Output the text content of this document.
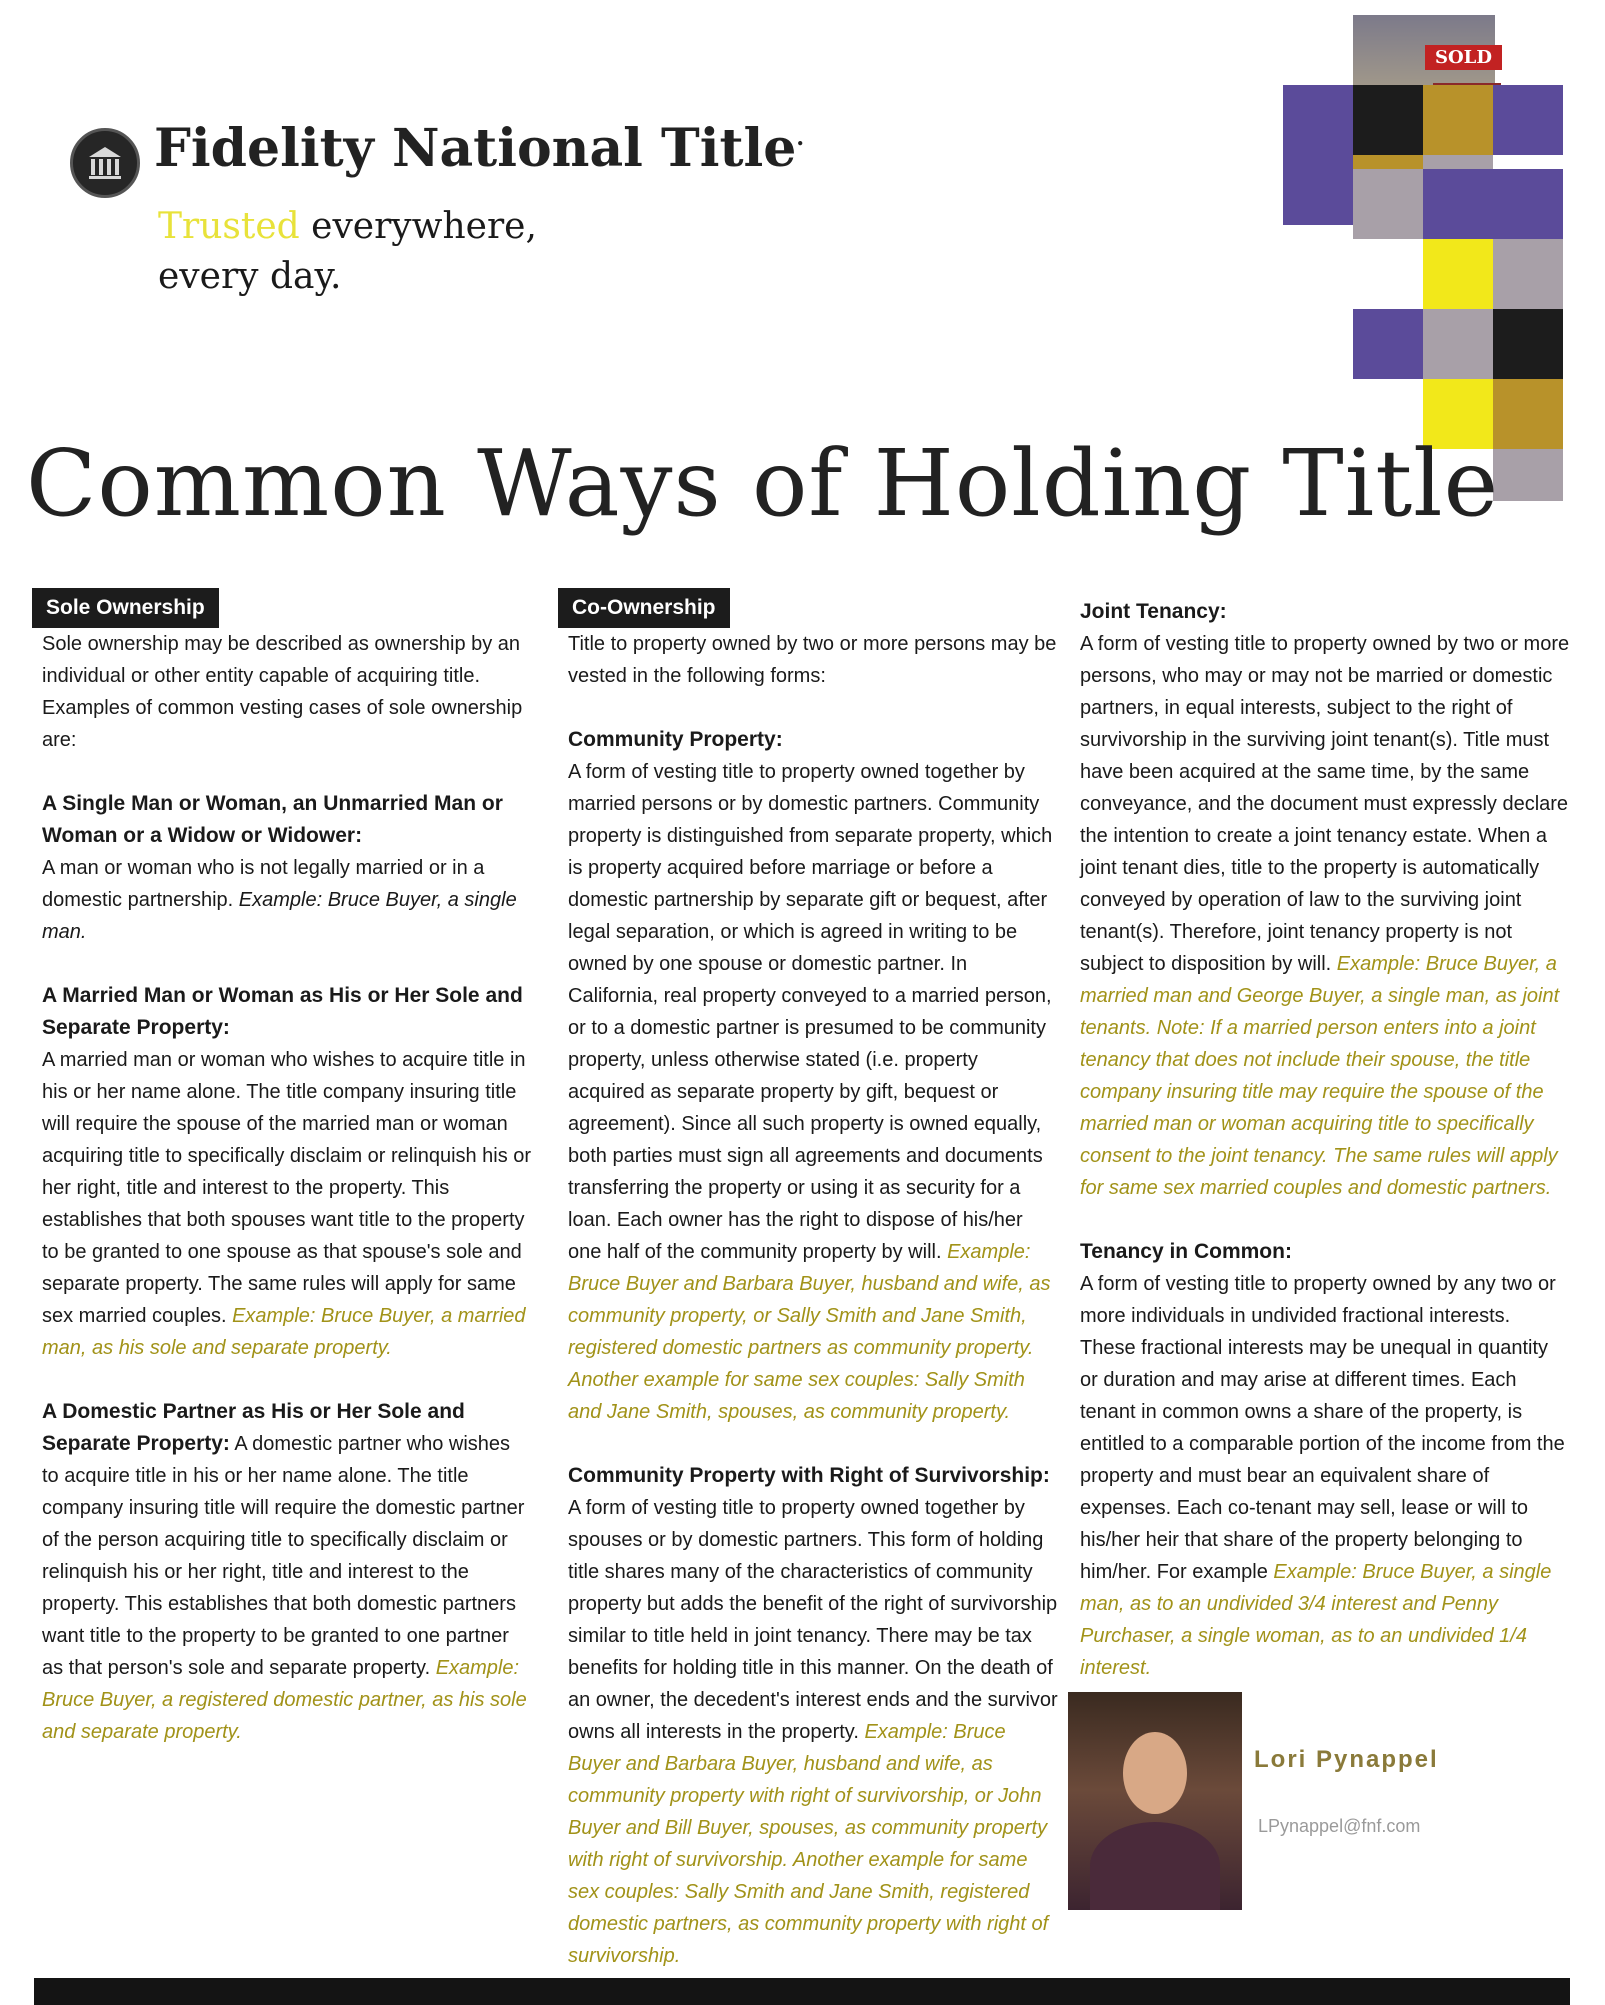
Fidelity National Title•
Trusted everywhere,
every day.
SOLD
Common Ways of Holding Title
Sole Ownership

Sole ownership may be described as ownership by an individual or other entity capable of acquiring title. Examples of common vesting cases of sole ownership are:

A Single Man or Woman, an Unmarried Man or Woman or a Widow or Widower:

A man or woman who is not legally married or in a domestic partnership. Example: Bruce Buyer, a single man.

A Married Man or Woman as His or Her Sole and Separate Property:

A married man or woman who wishes to acquire title in his or her name alone. The title company insuring title will require the spouse of the married man or woman acquiring title to specifically disclaim or relinquish his or her right, title and interest to the property. This establishes that both spouses want title to the property to be granted to one spouse as that spouse's sole and separate property. The same rules will apply for same sex married couples. Example: Bruce Buyer, a married man, as his sole and separate property.

A Domestic Partner as His or Her Sole and Separate Property: A domestic partner who wishes to acquire title in his or her name alone. The title company insuring title will require the domestic partner of the person acquiring title to specifically disclaim or relinquish his or her right, title and interest to the property. This establishes that both domestic partners want title to the property to be granted to one partner as that person's sole and separate property. Example: Bruce Buyer, a registered domestic partner, as his sole and separate property.

Co-Ownership

Title to property owned by two or more persons may be vested in the following forms:

Community Property:

A form of vesting title to property owned together by married persons or by domestic partners. Community property is distinguished from separate property, which is property acquired before marriage or before a domestic partnership by separate gift or bequest, after legal separation, or which is agreed in writing to be owned by one spouse or domestic partner. In California, real property conveyed to a married person, or to a domestic partner is presumed to be community property, unless otherwise stated (i.e. property acquired as separate property by gift, bequest or agreement). Since all such property is owned equally, both parties must sign all agreements and documents transferring the property or using it as security for a loan. Each owner has the right to dispose of his/her one half of the community property by will. Example: Bruce Buyer and Barbara Buyer, husband and wife, as community property, or Sally Smith and Jane Smith, registered domestic partners as community property. Another example for same sex couples: Sally Smith and Jane Smith, spouses, as community property.

Community Property with Right of Survivorship:

A form of vesting title to property owned together by spouses or by domestic partners. This form of holding title shares many of the characteristics of community property but adds the benefit of the right of survivorship similar to title held in joint tenancy. There may be tax benefits for holding title in this manner. On the death of an owner, the decedent's interest ends and the survivor owns all interests in the property. Example: Bruce Buyer and Barbara Buyer, husband and wife, as community property with right of survivorship, or John Buyer and Bill Buyer, spouses, as community property with right of survivorship. Another example for same sex couples: Sally Smith and Jane Smith, registered domestic partners, as community property with right of survivorship.

Joint Tenancy:

A form of vesting title to property owned by two or more persons, who may or may not be married or domestic partners, in equal interests, subject to the right of survivorship in the surviving joint tenant(s). Title must have been acquired at the same time, by the same conveyance, and the document must expressly declare the intention to create a joint tenancy estate. When a joint tenant dies, title to the property is automatically conveyed by operation of law to the surviving joint tenant(s). Therefore, joint tenancy property is not subject to disposition by will. Example: Bruce Buyer, a married man and George Buyer, a single man, as joint tenants. Note: If a married person enters into a joint tenancy that does not include their spouse, the title company insuring title may require the spouse of the married man or woman acquiring title to specifically consent to the joint tenancy. The same rules will apply for same sex married couples and domestic partners.

Tenancy in Common:

A form of vesting title to property owned by any two or more individuals in undivided fractional interests. These fractional interests may be unequal in quantity or duration and may arise at different times. Each tenant in common owns a share of the property, is entitled to a comparable portion of the income from the property and must bear an equivalent share of expenses. Each co-tenant may sell, lease or will to his/her heir that share of the property belonging to him/her. For example Example: Bruce Buyer, a single man, as to an undivided 3/4 interest and Penny Purchaser, a single woman, as to an undivided 1/4 interest.

Lori Pynappel
LPynappel@fnf.com
